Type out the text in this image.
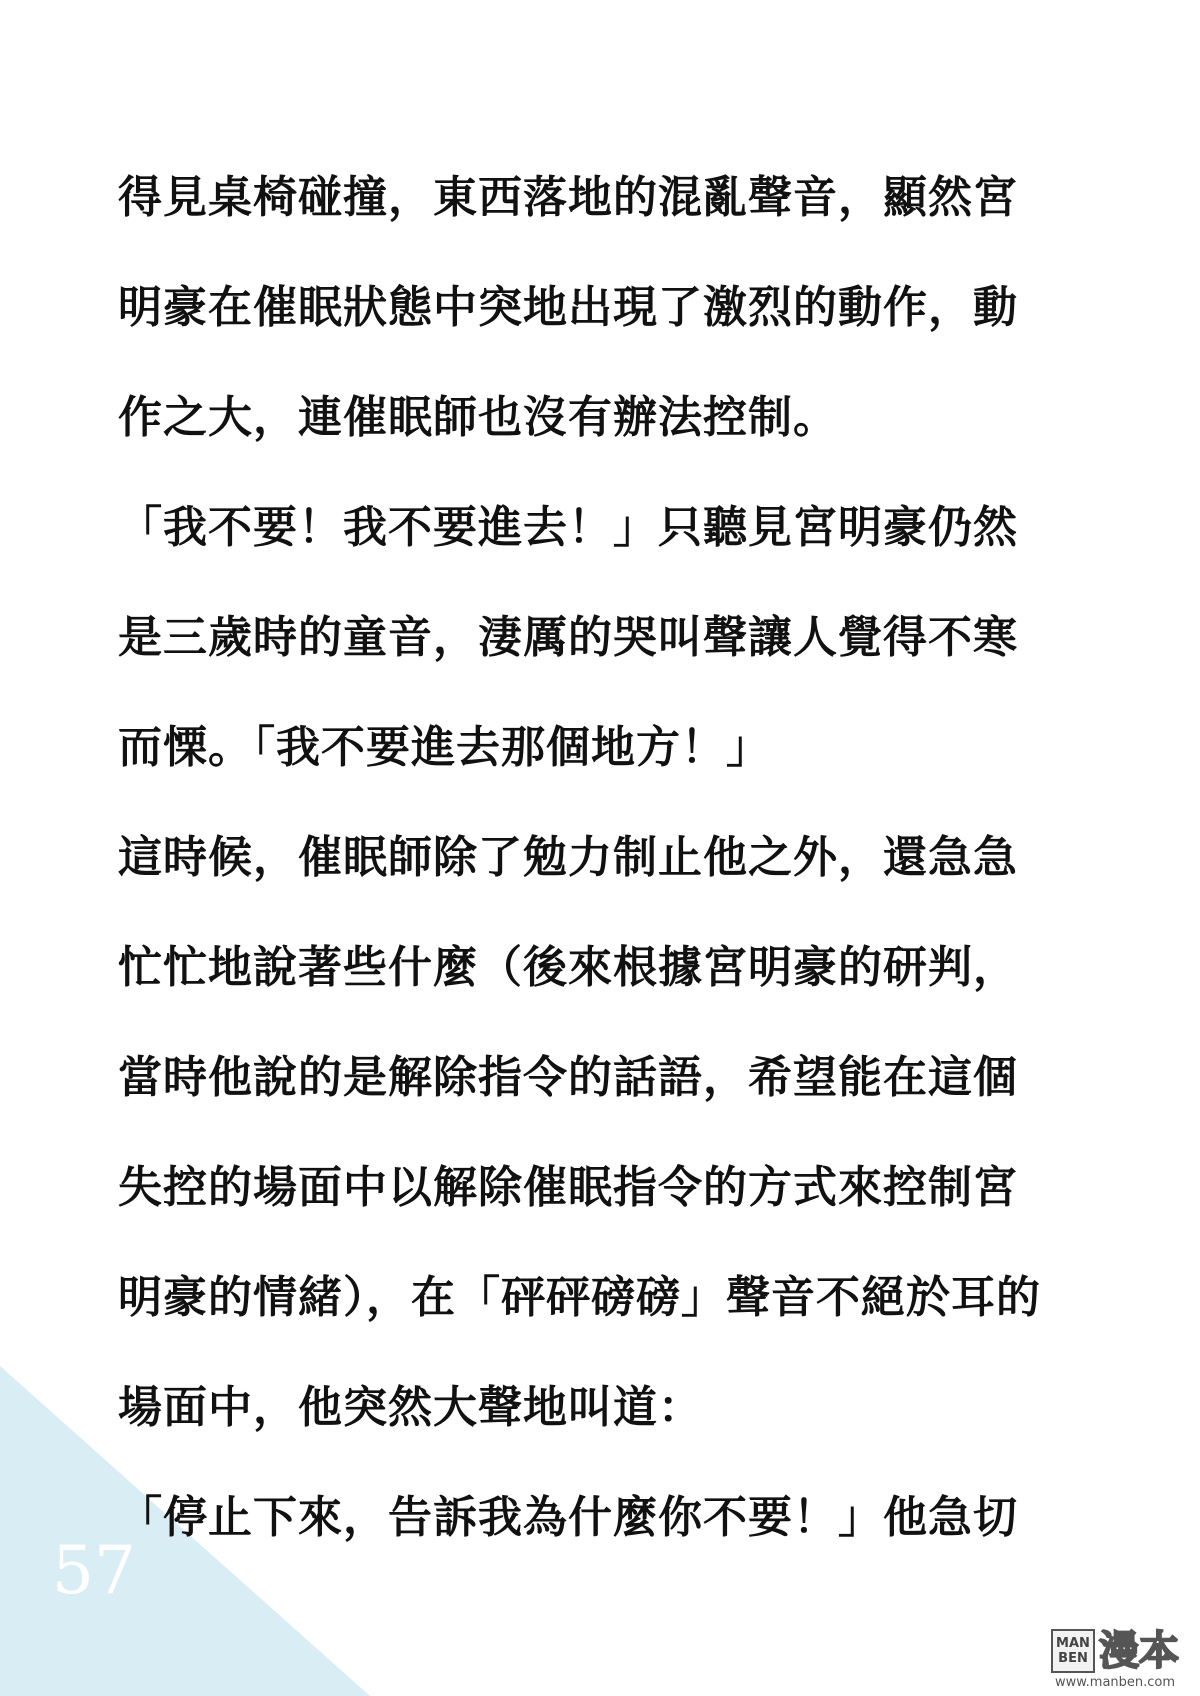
得見桌椅碰撞，東西落地的混亂聲音，顯然宮
明豪在催眠狀態中突地出現了激烈的動作，動
作之大，連催眠師也沒有辦法控制。
「我不要！我不要進去！」只聽見宮明豪仍然
是三歲時的童音，淒厲的哭叫聲讓人覺得不寒
而慄。「我不要進去那個地方！」
這時候，催眠師除了勉力制止他之外，還急急
忙忙地說著些什麼（後來根據宮明豪的研判，
當時他說的是解除指令的話語，希望能在這個
失控的場面中以解除催眠指令的方式來控制宮
明豪的情緒），在「砰砰磅磅」聲音不絕於耳的
場面中，他突然大聲地叫道：
「停止下來，告訴我為什麼你不要！」他急切
57
MAN
BEN 漫本
www.manben.com
